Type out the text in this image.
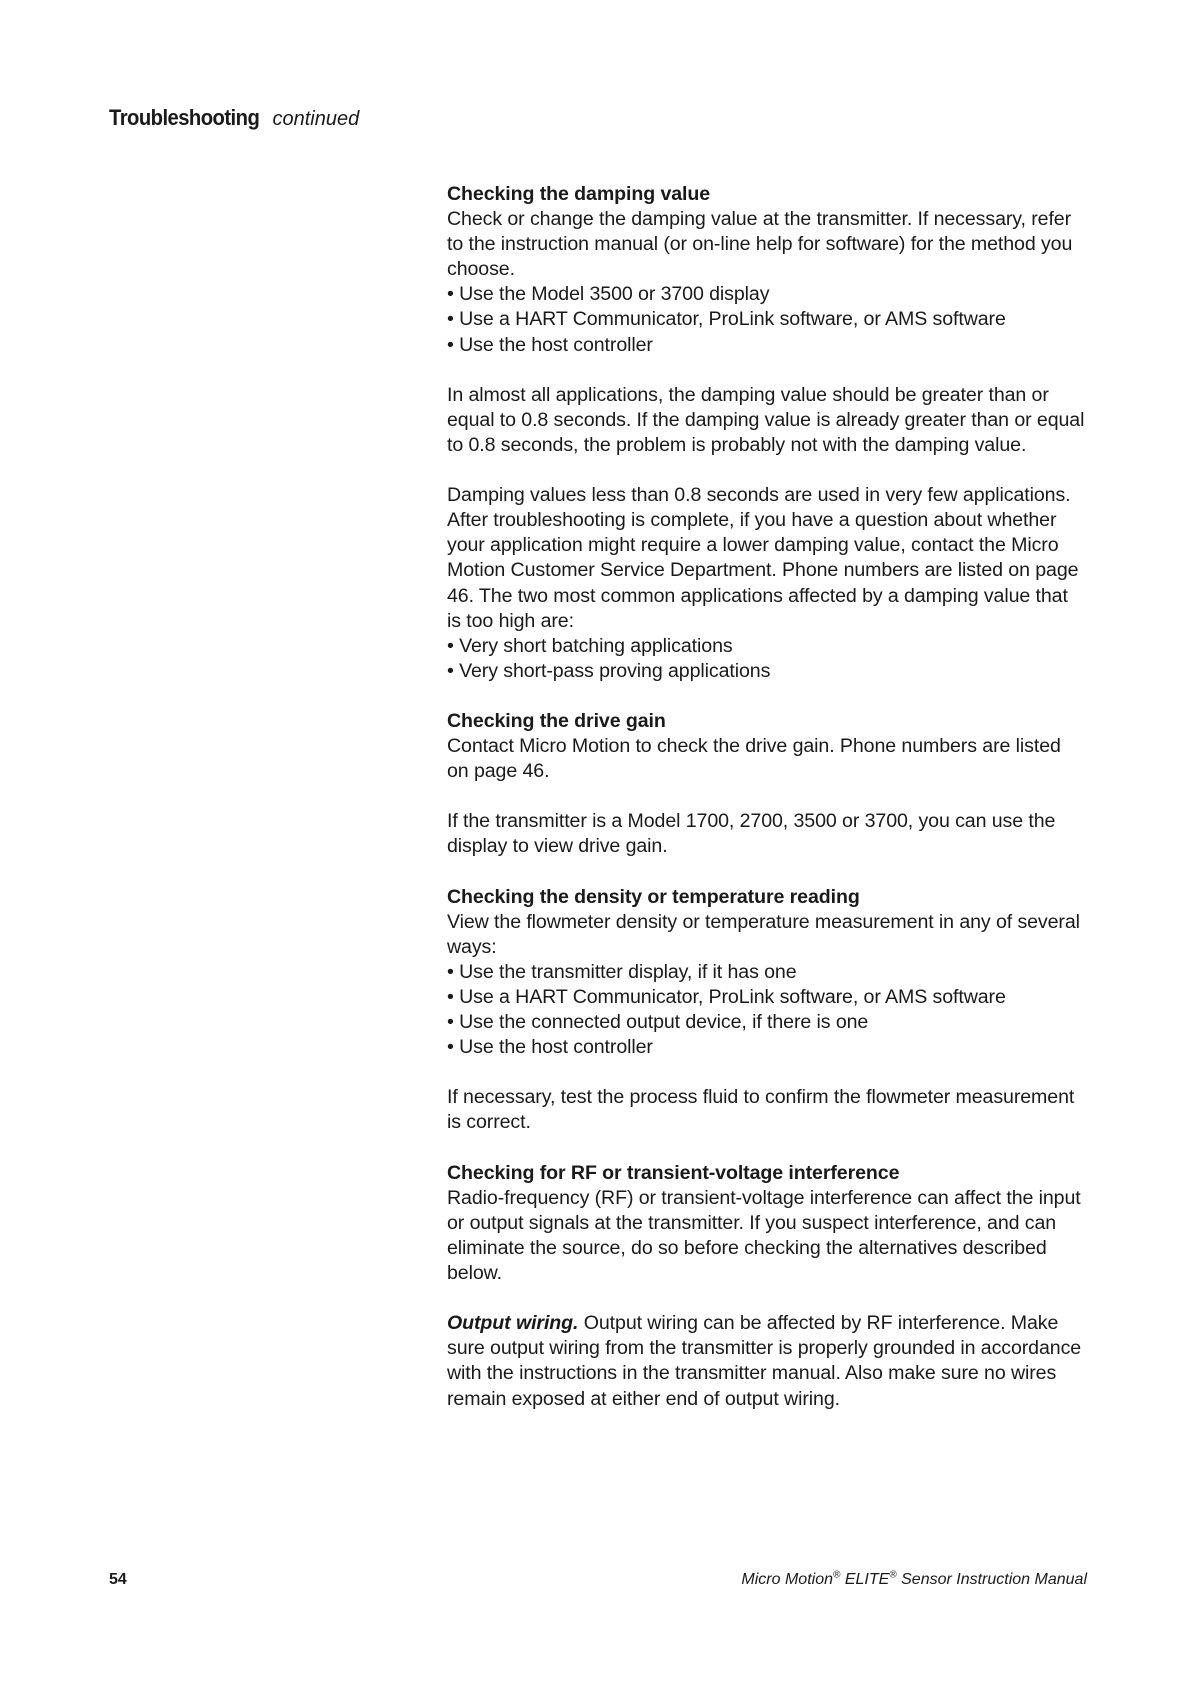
Troubleshooting continued

Checking the damping value

Check or change the damping value at the transmitter. If necessary, refer to the instruction manual (or on-line help for software) for the method you choose.

• Use the Model 3500 or 3700 display
• Use a HART Communicator, ProLink software, or AMS software
• Use the host controller

In almost all applications, the damping value should be greater than or equal to 0.8 seconds. If the damping value is already greater than or equal to 0.8 seconds, the problem is probably not with the damping value.

Damping values less than 0.8 seconds are used in very few applications. After troubleshooting is complete, if you have a question about whether your application might require a lower damping value, contact the Micro Motion Customer Service Department. Phone numbers are listed on page 46. The two most common applications affected by a damping value that is too high are:

• Very short batching applications
• Very short-pass proving applications

Checking the drive gain

Contact Micro Motion to check the drive gain. Phone numbers are listed on page 46.

If the transmitter is a Model 1700, 2700, 3500 or 3700, you can use the display to view drive gain.

Checking the density or temperature reading

View the flowmeter density or temperature measurement in any of several ways:

• Use the transmitter display, if it has one
• Use a HART Communicator, ProLink software, or AMS software
• Use the connected output device, if there is one
• Use the host controller

If necessary, test the process fluid to confirm the flowmeter measurement is correct.

Checking for RF or transient-voltage interference

Radio-frequency (RF) or transient-voltage interference can affect the input or output signals at the transmitter. If you suspect interference, and can eliminate the source, do so before checking the alternatives described below.

Output wiring. Output wiring can be affected by RF interference. Make sure output wiring from the transmitter is properly grounded in accordance with the instructions in the transmitter manual. Also make sure no wires remain exposed at either end of output wiring.

54	Micro Motion® ELITE® Sensor Instruction Manual
